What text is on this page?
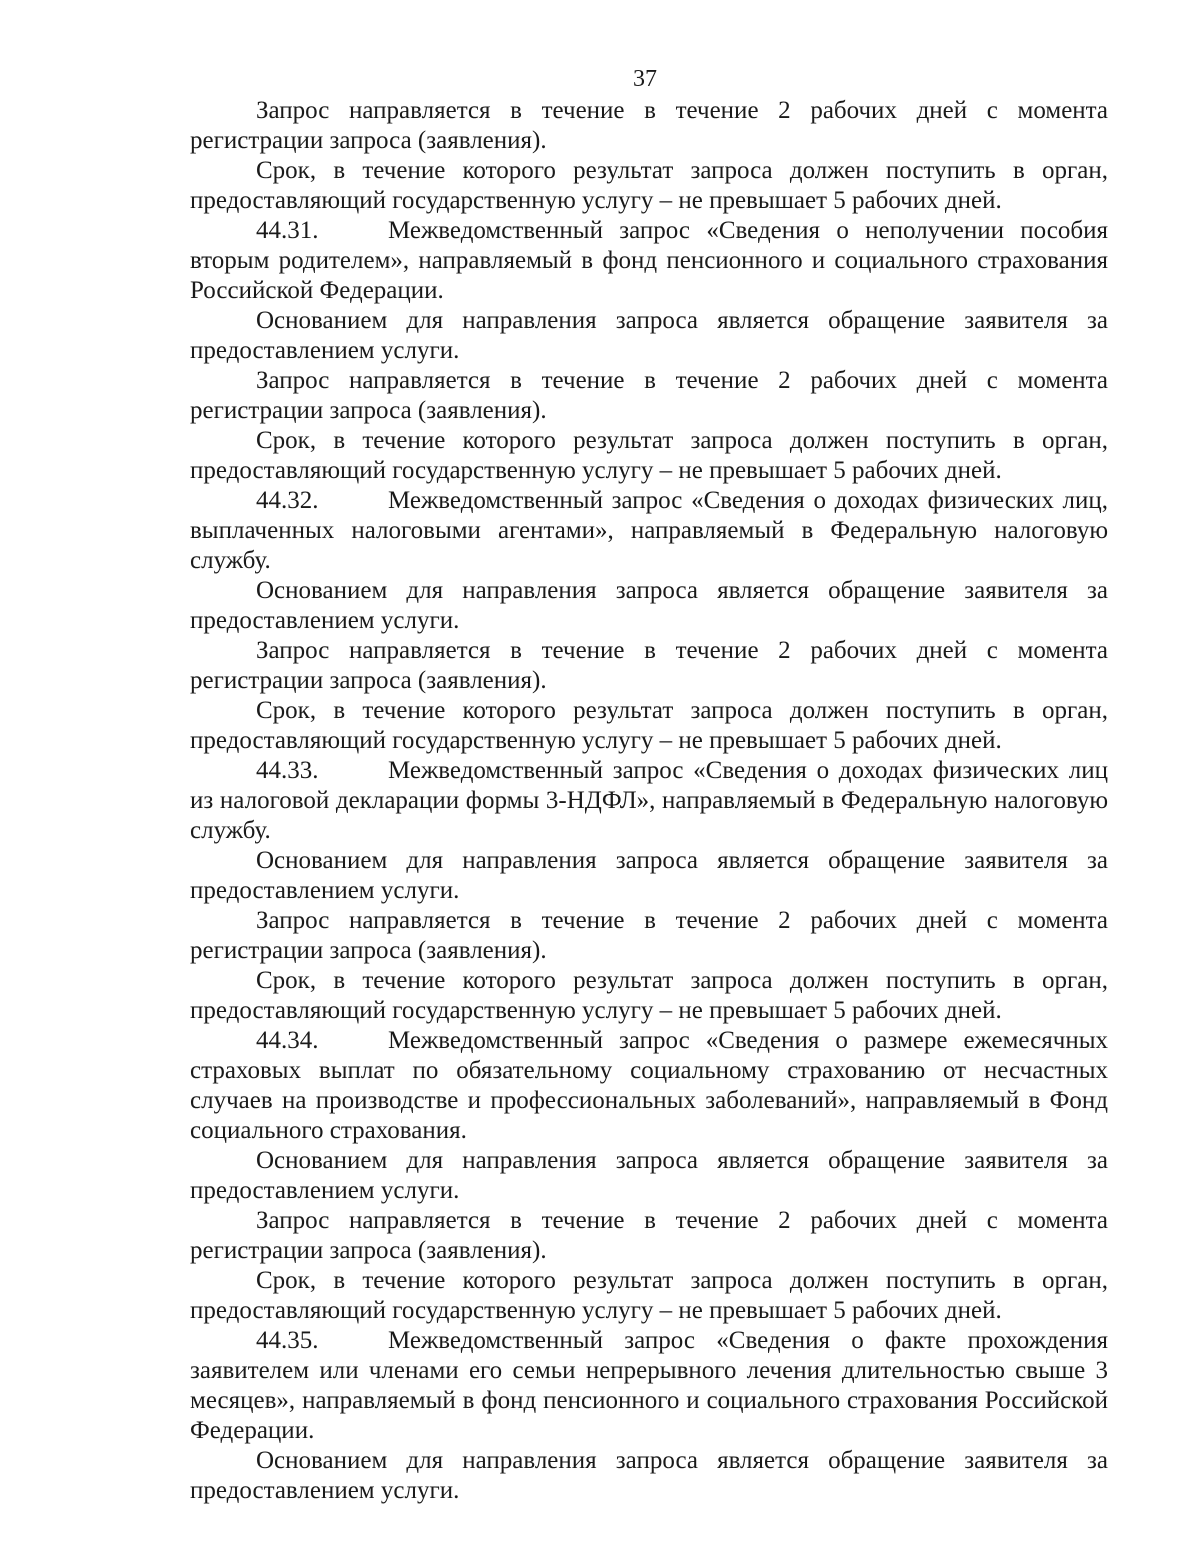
37

Запрос направляется в течение в течение 2 рабочих дней с момента регистрации запроса (заявления).

Срок, в течение которого результат запроса должен поступить в орган, предоставляющий государственную услугу – не превышает 5 рабочих дней.

44.31.	Межведомственный запрос «Сведения о неполучении пособия вторым родителем», направляемый в фонд пенсионного и социального страхования Российской Федерации.

Основанием для направления запроса является обращение заявителя за предоставлением услуги.

Запрос направляется в течение в течение 2 рабочих дней с момента регистрации запроса (заявления).

Срок, в течение которого результат запроса должен поступить в орган, предоставляющий государственную услугу – не превышает 5 рабочих дней.

44.32.	Межведомственный запрос «Сведения о доходах физических лиц, выплаченных налоговыми агентами», направляемый в Федеральную налоговую службу.

Основанием для направления запроса является обращение заявителя за предоставлением услуги.

Запрос направляется в течение в течение 2 рабочих дней с момента регистрации запроса (заявления).

Срок, в течение которого результат запроса должен поступить в орган, предоставляющий государственную услугу – не превышает 5 рабочих дней.

44.33.	Межведомственный запрос «Сведения о доходах физических лиц из налоговой декларации формы 3-НДФЛ», направляемый в Федеральную налоговую службу.

Основанием для направления запроса является обращение заявителя за предоставлением услуги.

Запрос направляется в течение в течение 2 рабочих дней с момента регистрации запроса (заявления).

Срок, в течение которого результат запроса должен поступить в орган, предоставляющий государственную услугу – не превышает 5 рабочих дней.

44.34.	Межведомственный запрос «Сведения о размере ежемесячных страховых выплат по обязательному социальному страхованию от несчастных случаев на производстве и профессиональных заболеваний», направляемый в Фонд социального страхования.

Основанием для направления запроса является обращение заявителя за предоставлением услуги.

Запрос направляется в течение в течение 2 рабочих дней с момента регистрации запроса (заявления).

Срок, в течение которого результат запроса должен поступить в орган, предоставляющий государственную услугу – не превышает 5 рабочих дней.

44.35.	Межведомственный запрос «Сведения о факте прохождения заявителем или членами его семьи непрерывного лечения длительностью свыше 3 месяцев», направляемый в фонд пенсионного и социального страхования Российской Федерации.

Основанием для направления запроса является обращение заявителя за предоставлением услуги.
